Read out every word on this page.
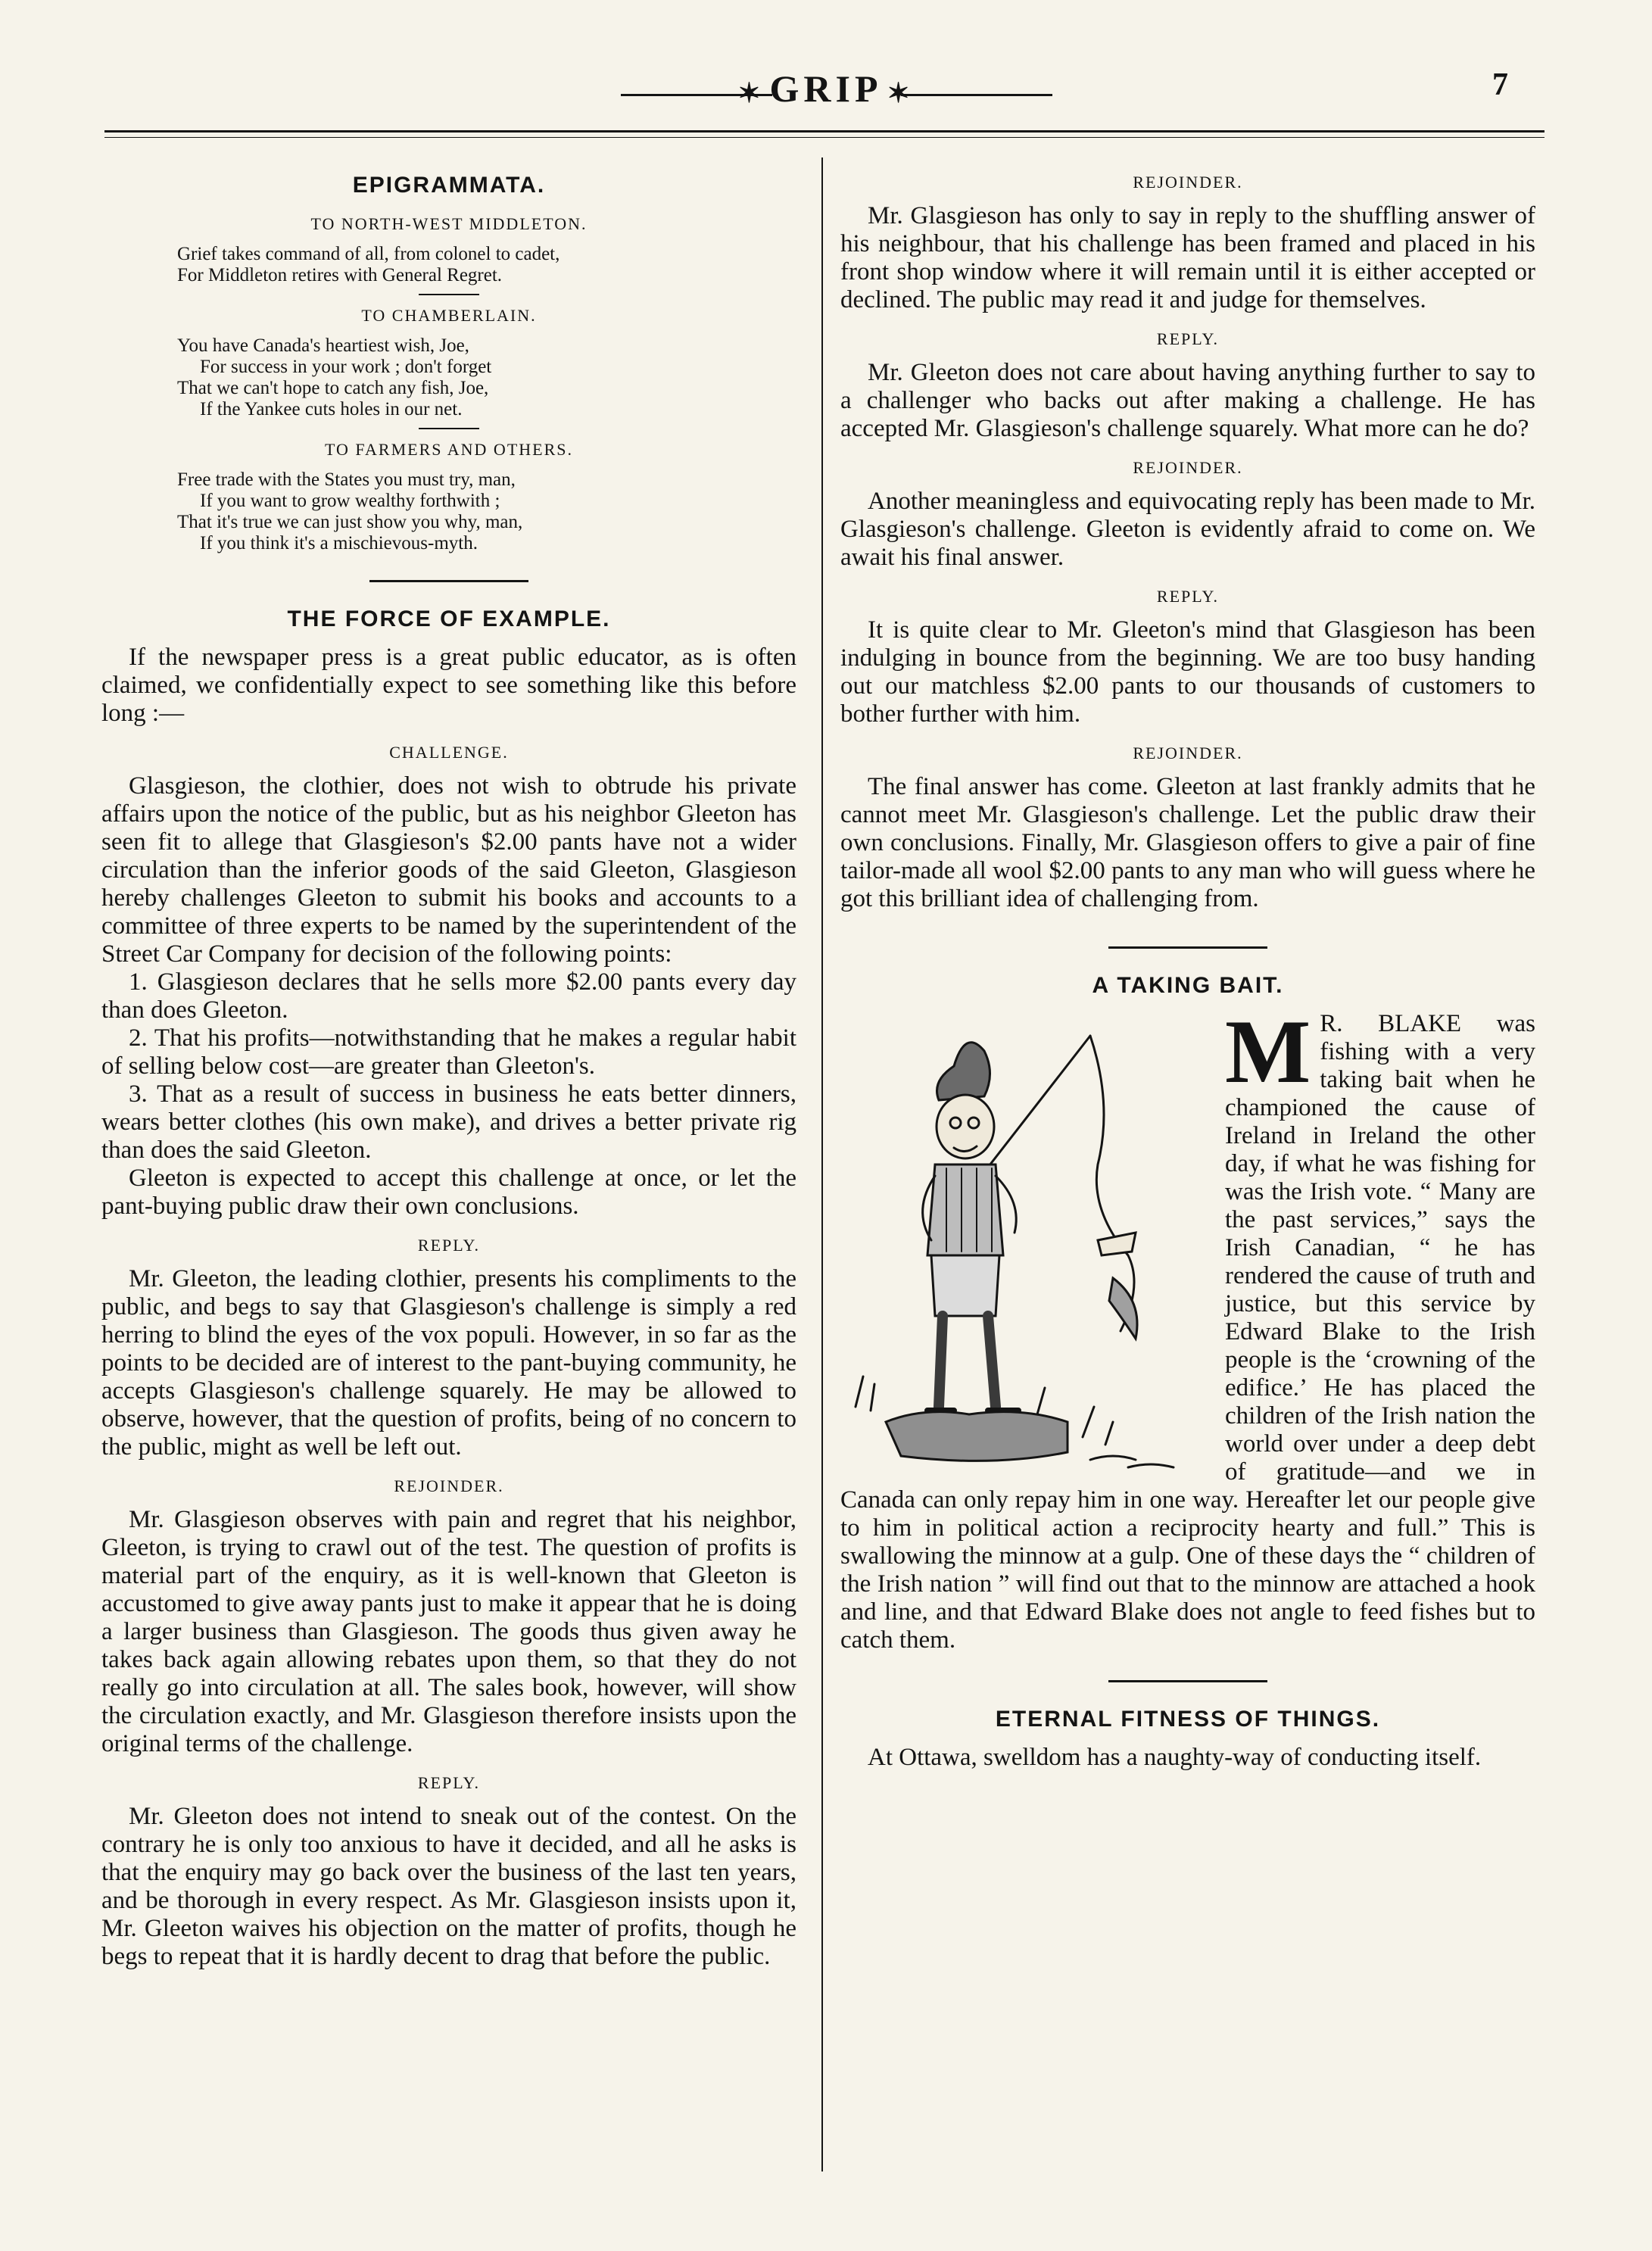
✶ GRIP ✶	7
EPIGRAMMATA.
TO NORTH-WEST MIDDLETON.

Grief takes command of all, from colonel to cadet,

For Middleton retires with General Regret.

TO CHAMBERLAIN.

You have Canada's heartiest wish, Joe,

For success in your work ; don't forget

That we can't hope to catch any fish, Joe,

If the Yankee cuts holes in our net.

TO FARMERS AND OTHERS.

Free trade with the States you must try, man,

If you want to grow wealthy forthwith ;

That it's true we can just show you why, man,

If you think it's a mischievous-myth.

THE FORCE OF EXAMPLE.

If the newspaper press is a great public educator, as is often claimed, we confidentially expect to see something like this before long :—

CHALLENGE.

Glasgieson, the clothier, does not wish to obtrude his private affairs upon the notice of the public, but as his neighbor Gleeton has seen fit to allege that Glasgieson's $2.00 pants have not a wider circulation than the inferior goods of the said Gleeton, Glasgieson hereby challenges Gleeton to submit his books and accounts to a committee of three experts to be named by the superintendent of the Street Car Company for decision of the following points:

1. Glasgieson declares that he sells more $2.00 pants every day than does Gleeton.

2. That his profits—notwithstanding that he makes a regular habit of selling below cost—are greater than Gleeton's.

3. That as a result of success in business he eats better dinners, wears better clothes (his own make), and drives a better private rig than does the said Gleeton.

Gleeton is expected to accept this challenge at once, or let the pant-buying public draw their own conclusions.

REPLY.

Mr. Gleeton, the leading clothier, presents his compliments to the public, and begs to say that Glasgieson's challenge is simply a red herring to blind the eyes of the vox populi. However, in so far as the points to be decided are of interest to the pant-buying community, he accepts Glasgieson's challenge squarely. He may be allowed to observe, however, that the question of profits, being of no concern to the public, might as well be left out.

REJOINDER.

Mr. Glasgieson observes with pain and regret that his neighbor, Gleeton, is trying to crawl out of the test. The question of profits is material part of the enquiry, as it is well-known that Gleeton is accustomed to give away pants just to make it appear that he is doing a larger business than Glasgieson. The goods thus given away he takes back again allowing rebates upon them, so that they do not really go into circulation at all. The sales book, however, will show the circulation exactly, and Mr. Glasgieson therefore insists upon the original terms of the challenge.

REPLY.

Mr. Gleeton does not intend to sneak out of the contest. On the contrary he is only too anxious to have it decided, and all he asks is that the enquiry may go back over the business of the last ten years, and be thorough in every respect. As Mr. Glasgieson insists upon it, Mr. Gleeton waives his objection on the matter of profits, though he begs to repeat that it is hardly decent to drag that before the public.

REJOINDER.

Mr. Glasgieson has only to say in reply to the shuffling answer of his neighbour, that his challenge has been framed and placed in his front shop window where it will remain until it is either accepted or declined. The public may read it and judge for themselves.

REPLY.

Mr. Gleeton does not care about having anything further to say to a challenger who backs out after making a challenge. He has accepted Mr. Glasgieson's challenge squarely. What more can he do?

REJOINDER.

Another meaningless and equivocating reply has been made to Mr. Glasgieson's challenge. Gleeton is evidently afraid to come on. We await his final answer.

REPLY.

It is quite clear to Mr. Gleeton's mind that Glasgieson has been indulging in bounce from the beginning. We are too busy handing out our matchless $2.00 pants to our thousands of customers to bother further with him.

REJOINDER.

The final answer has come. Gleeton at last frankly admits that he cannot meet Mr. Glasgieson's challenge. Let the public draw their own conclusions. Finally, Mr. Glasgieson offers to give a pair of fine tailor-made all wool $2.00 pants to any man who will guess where he got this brilliant idea of challenging from.

A TAKING BAIT.
M R. BLAKE was fishing with a very taking bait when he championed the cause of Ireland in Ireland the other day, if what he was fishing for was the Irish vote. “ Many are the past services,” says the Irish Canadian, “ he has rendered the cause of truth and justice, but this service by Edward Blake to the Irish people is the ‘crowning of the edifice.’ He has placed the children of the Irish nation the world over under a deep debt of gratitude—and we in Canada can only repay him in one way. Hereafter let our people give to him in political action a reciprocity hearty and full.” This is swallowing the minnow at a gulp. One of these days the “ children of the Irish nation ” will find out that to the minnow are attached a hook and line, and that Edward Blake does not angle to feed fishes but to catch them.

ETERNAL FITNESS OF THINGS.

At Ottawa, swelldom has a naughty-way of conducting itself.
